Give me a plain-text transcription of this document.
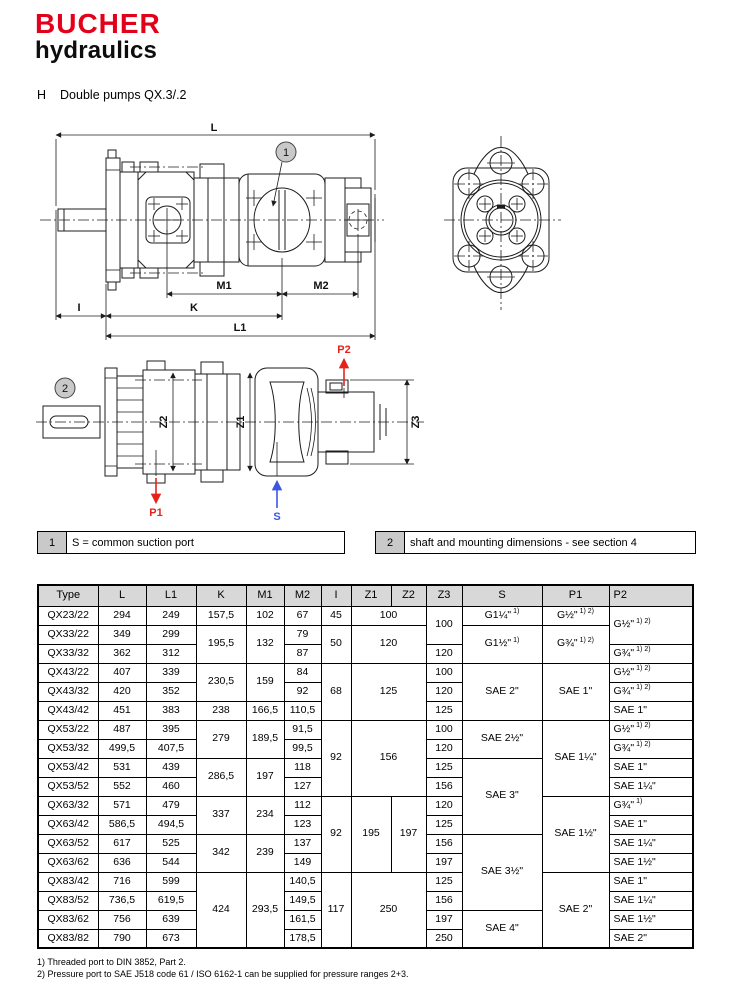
BUCHER
hydraulics
H Double pumps QX.3/.2
1
L
M1	M2
I	K
L1
2
Z2	Z1
S
P2
P1
Z3
1	S = common suction port	2	shaft and mounting dimensions - see section 4
Type	L	L1	K	M1	M2	I	Z1	Z2	Z3	S	P1	P2
QX23/22	294	249	157,5	102	67	45	100		100	G1¼" $^{1)}$	G½" $^{1) 2)}$	G½" $^{1) 2)}$
QX33/22	349	299	195,5	132	79	50	120			G1½" $^{1)}$	G¾" $^{1) 2)}$
QX33/32	362	312			87				120			G¾" $^{1) 2)}$
QX43/22	407	339	230,5	159	84	68	125		100	SAE 2"	SAE 1"	G½" $^{1) 2)}$
QX43/32	420	352			92				120			G¾" $^{1) 2)}$
QX43/42	451	383	238	166,5	110,5				125			SAE 1"
QX53/22	487	395	279	189,5	91,5	92	156		100	SAE 2½"	SAE 1¼"	G½" $^{1) 2)}$
QX53/32	499,5	407,5			99,5				120			G¾" $^{1) 2)}$
QX53/42	531	439	286,5	197	118				125	SAE 3"		SAE 1"
QX53/52	552	460			127				156			SAE 1¼"
QX63/32	571	479	337	234	112	92	195	197	120		SAE 1½"	G¾" $^{1)}$
QX63/42	586,5	494,5			123				125			SAE 1"
QX63/52	617	525	342	239	137				156	SAE 3½"		SAE 1¼"
QX63/62	636	544			149				197			SAE 1½"
QX83/42	716	599	424	293,5	140,5	117	250		125		SAE 2"	SAE 1"
QX83/52	736,5	619,5			149,5				156			SAE 1¼"
QX83/62	756	639			161,5				197	SAE 4"		SAE 1½"
QX83/82	790	673			178,5				250			SAE 2"
1) Threaded port to DIN 3852, Part 2.
2) Pressure port to SAE J518 code 61 / ISO 6162-1 can be supplied for pressure ranges 2+3.
